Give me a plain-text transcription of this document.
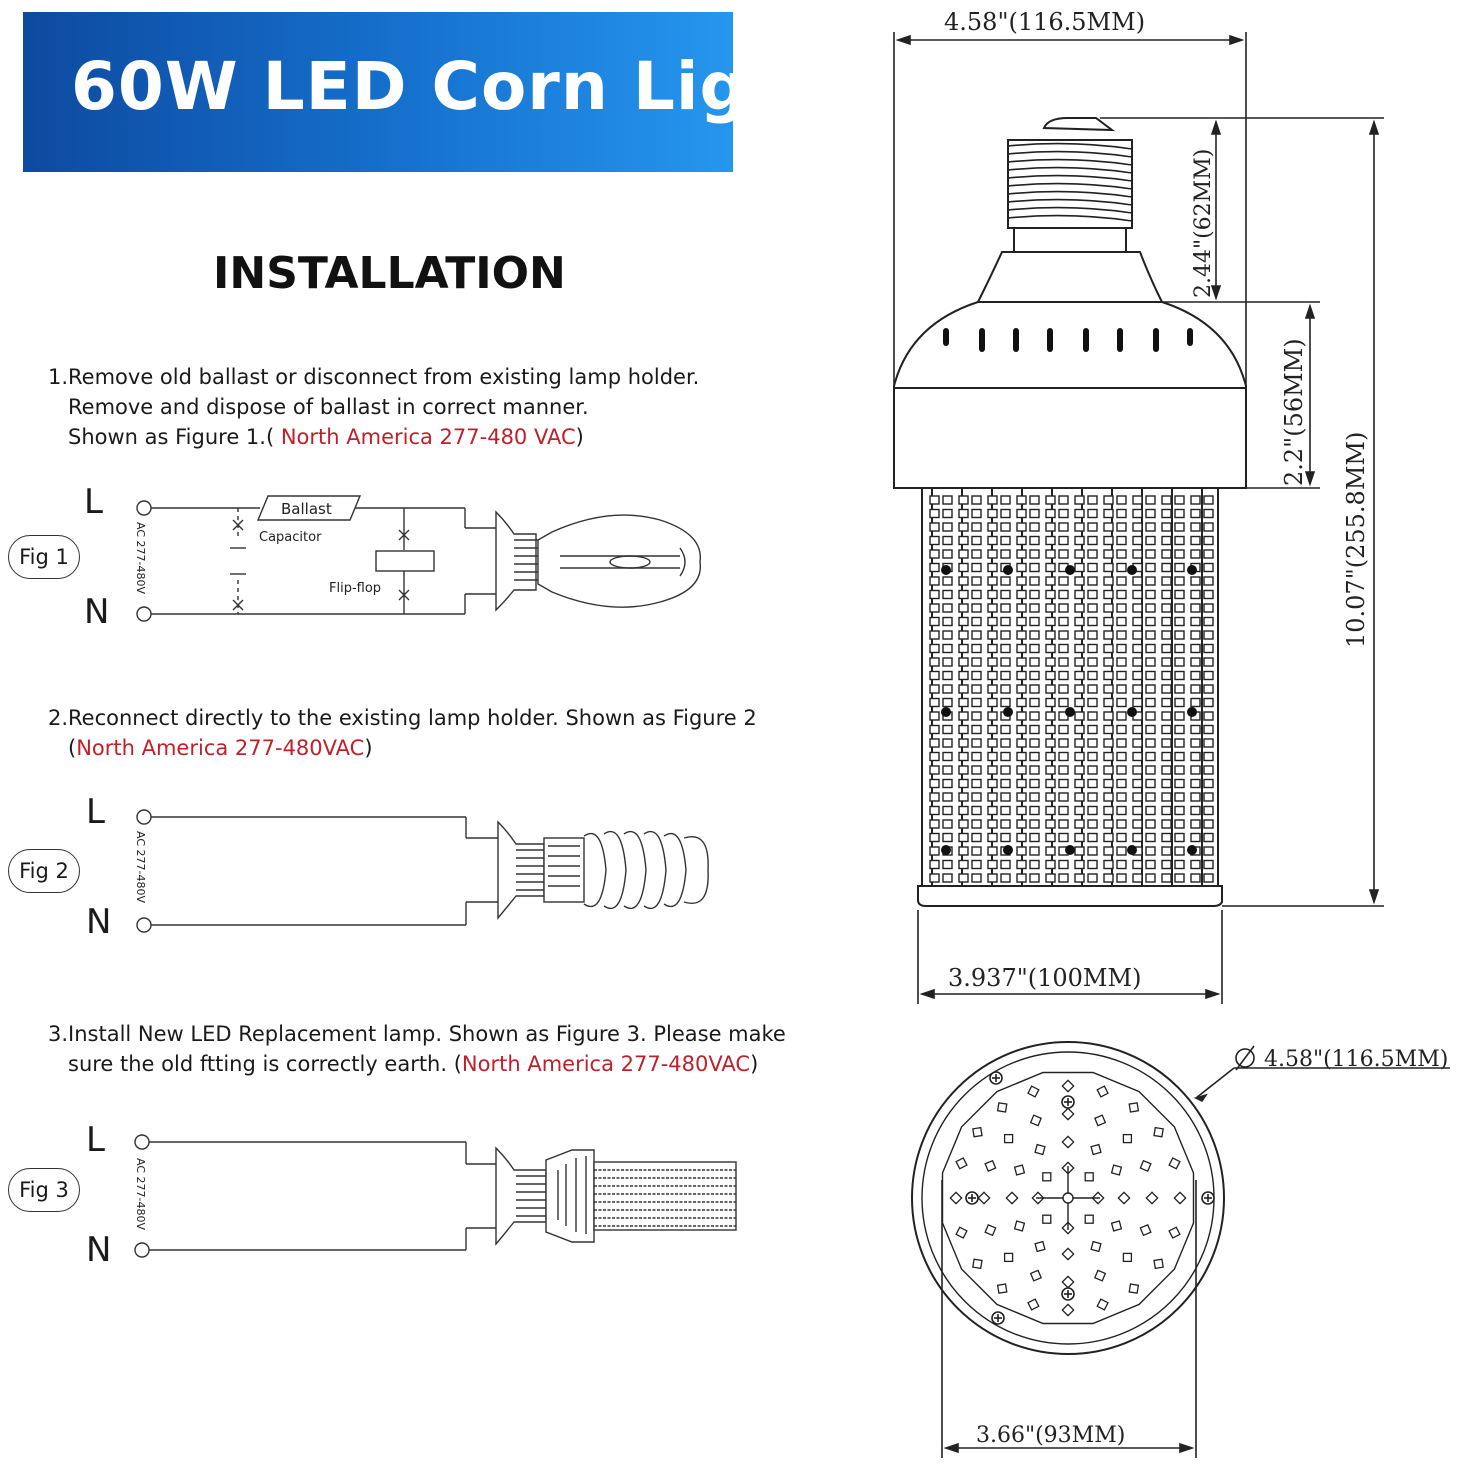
60W LED Corn Light
INSTALLATION
1.Remove old ballast or disconnect from existing lamp holder.
Remove and dispose of ballast in correct manner.
Shown as Figure 1.( North America 277-480 VAC)
2.Reconnect directly to the existing lamp holder. Shown as Figure 2
(North America 277-480VAC)
3.Install New LED Replacement lamp. Shown as Figure 3. Please make
sure the old ftting is correctly earth. (North America 277-480VAC)
Fig 1
Fig 2
Fig 3
L
N
L
N
L
N
Ballast
Capacitor
Flip-flop
AC 277-480V
AC 277-480V
AC 277-480V
4.58"(116.5MM)
2.44"(62MM)
2.2"(56MM)
10.07"(255.8MM)
3.937"(100MM)
4.58"(116.5MM)
3.66"(93MM)
